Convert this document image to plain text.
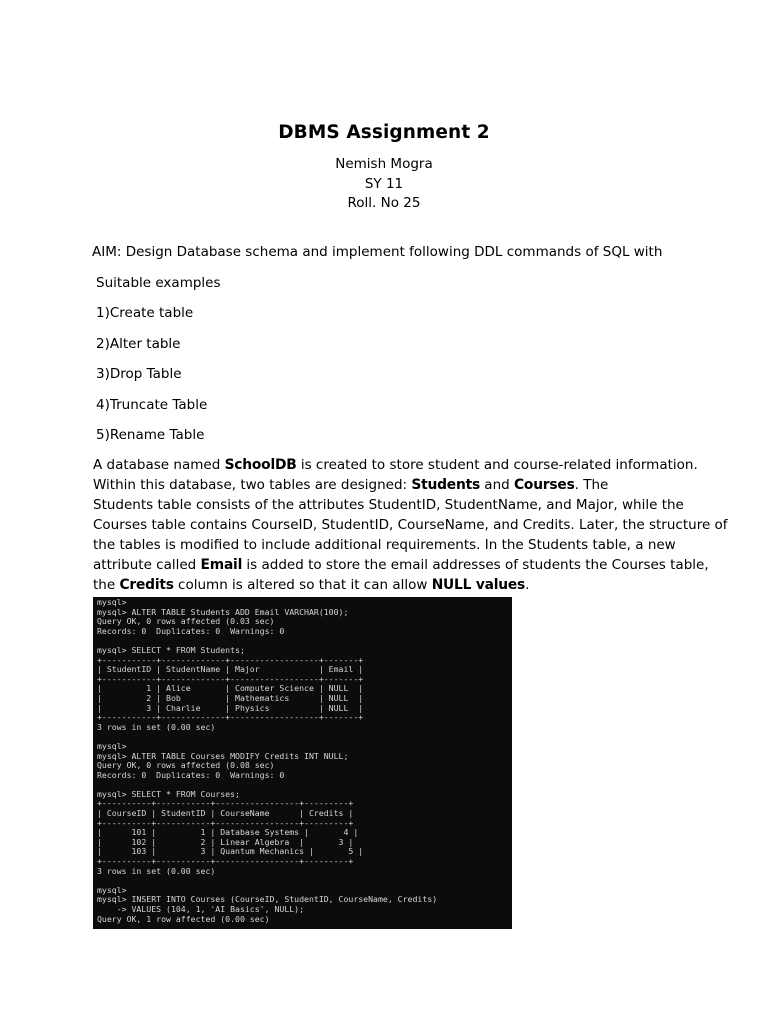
DBMS Assignment 2
Nemish Mogra
SY 11
Roll. No 25
AIM: Design Database schema and implement following DDL commands of SQL with
Suitable examples
1)Create table
2)Alter table
3)Drop Table
4)Truncate Table
5)Rename Table
A database named SchoolDB is created to store student and course-related information.
Within this database, two tables are designed: Students and Courses. The
Students table consists of the attributes StudentID, StudentName, and Major, while the
Courses table contains CourseID, StudentID, CourseName, and Credits. Later, the structure of
the tables is modified to include additional requirements. In the Students table, a new
attribute called Email is added to store the email addresses of students the Courses table,
the Credits column is altered so that it can allow NULL values.
mysql>
mysql> ALTER TABLE Students ADD Email VARCHAR(100);
Query OK, 0 rows affected (0.03 sec)
Records: 0  Duplicates: 0  Warnings: 0

mysql> SELECT * FROM Students;
+-----------+-------------+------------------+-------+
| StudentID | StudentName | Major            | Email |
+-----------+-------------+------------------+-------+
|         1 | Alice       | Computer Science | NULL  |
|         2 | Bob         | Mathematics      | NULL  |
|         3 | Charlie     | Physics          | NULL  |
+-----------+-------------+------------------+-------+
3 rows in set (0.00 sec)

mysql>
mysql> ALTER TABLE Courses MODIFY Credits INT NULL;
Query OK, 0 rows affected (0.08 sec)
Records: 0  Duplicates: 0  Warnings: 0

mysql> SELECT * FROM Courses;
+----------+-----------+-----------------+---------+
| CourseID | StudentID | CourseName      | Credits |
+----------+-----------+-----------------+---------+
|      101 |         1 | Database Systems |       4 |
|      102 |         2 | Linear Algebra  |       3 |
|      103 |         3 | Quantum Mechanics |       5 |
+----------+-----------+-----------------+---------+
3 rows in set (0.00 sec)

mysql>
mysql> INSERT INTO Courses (CourseID, StudentID, CourseName, Credits)
-> VALUES (104, 1, 'AI Basics', NULL);
Query OK, 1 row affected (0.00 sec)
